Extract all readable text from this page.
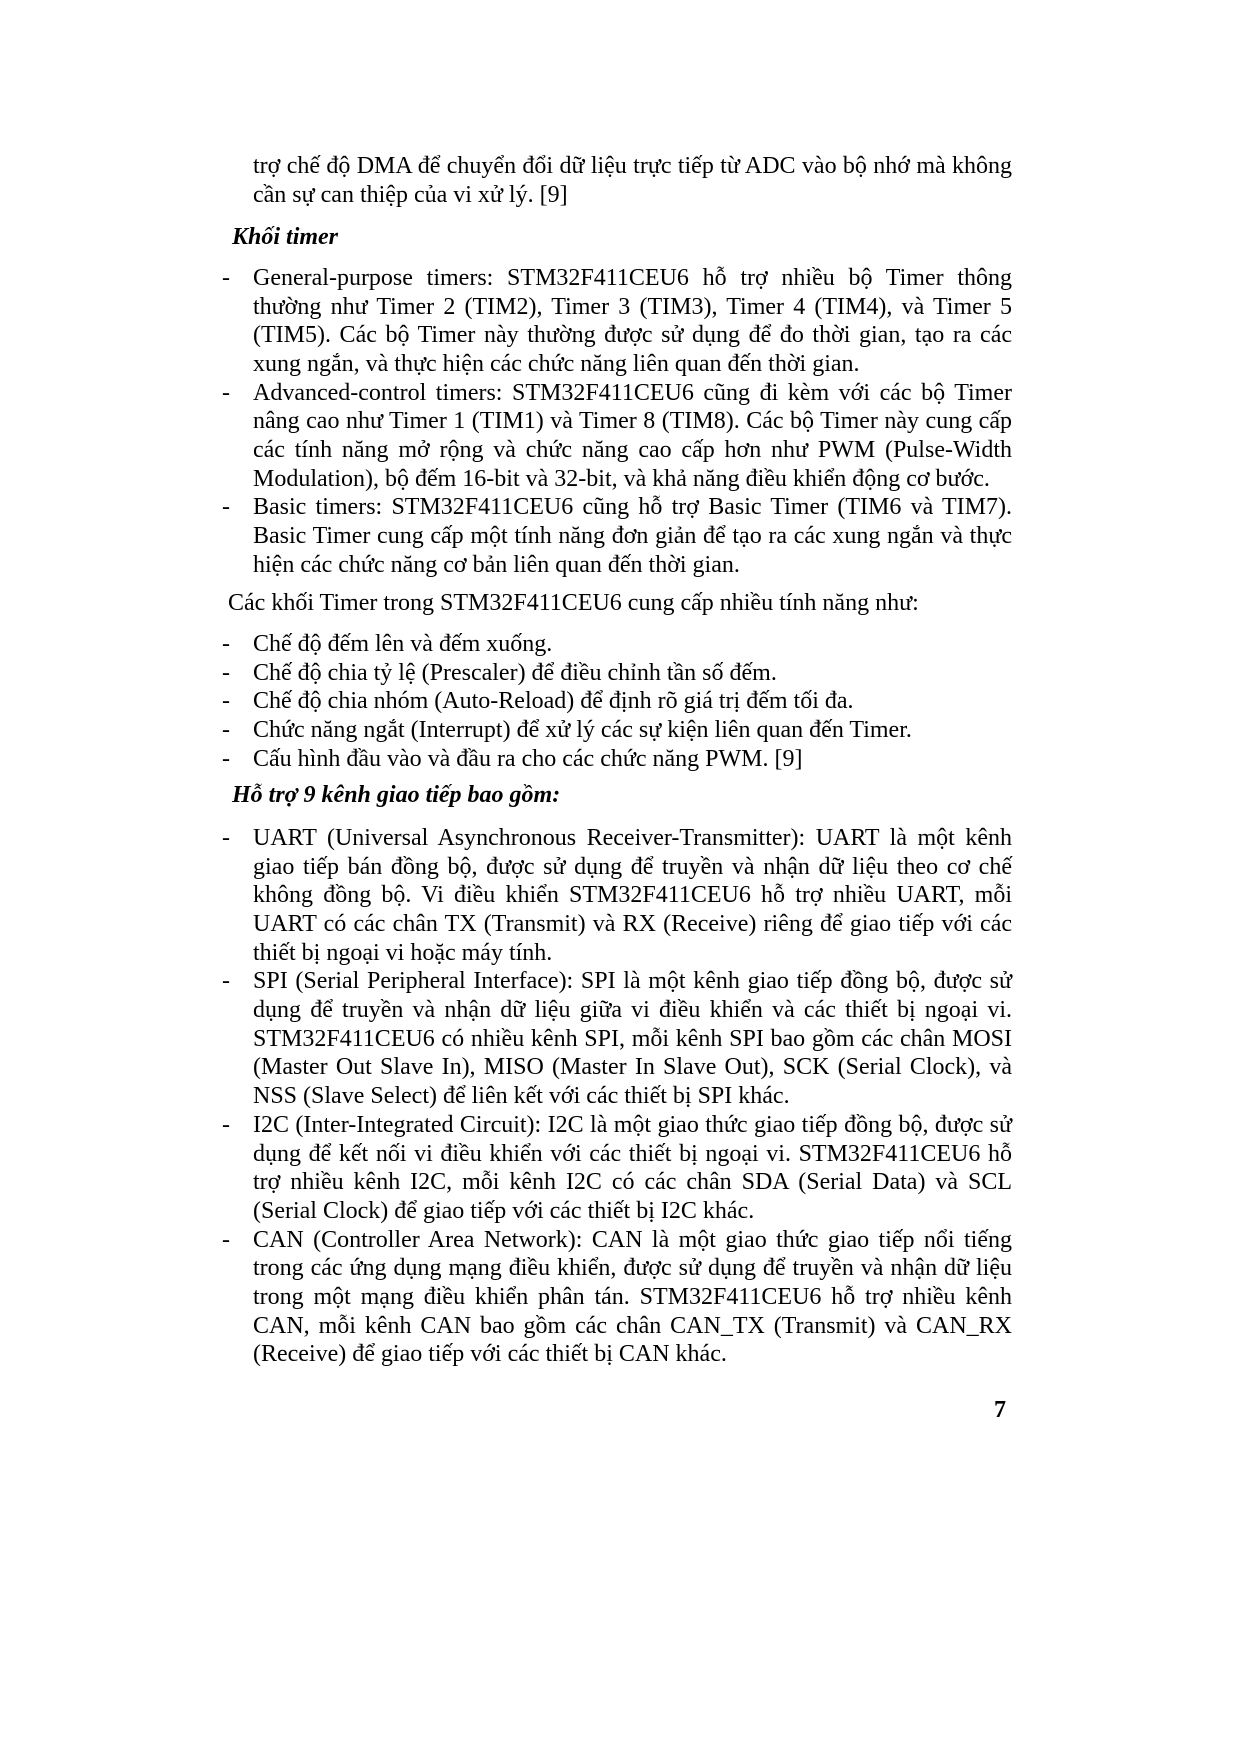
trợ chế độ DMA để chuyển đổi dữ liệu trực tiếp từ ADC vào bộ nhớ mà không cần sự can thiệp của vi xử lý. [9]

Khối timer
- General-purpose timers: STM32F411CEU6 hỗ trợ nhiều bộ Timer thông thường như Timer 2 (TIM2), Timer 3 (TIM3), Timer 4 (TIM4), và Timer 5 (TIM5). Các bộ Timer này thường được sử dụng để đo thời gian, tạo ra các xung ngắn, và thực hiện các chức năng liên quan đến thời gian.
- Advanced-control timers: STM32F411CEU6 cũng đi kèm với các bộ Timer nâng cao như Timer 1 (TIM1) và Timer 8 (TIM8). Các bộ Timer này cung cấp các tính năng mở rộng và chức năng cao cấp hơn như PWM (Pulse-Width Modulation), bộ đếm 16-bit và 32-bit, và khả năng điều khiển động cơ bước.
- Basic timers: STM32F411CEU6 cũng hỗ trợ Basic Timer (TIM6 và TIM7). Basic Timer cung cấp một tính năng đơn giản để tạo ra các xung ngắn và thực hiện các chức năng cơ bản liên quan đến thời gian.

Các khối Timer trong STM32F411CEU6 cung cấp nhiều tính năng như:

- Chế độ đếm lên và đếm xuống.
- Chế độ chia tỷ lệ (Prescaler) để điều chỉnh tần số đếm.
- Chế độ chia nhóm (Auto-Reload) để định rõ giá trị đếm tối đa.
- Chức năng ngắt (Interrupt) để xử lý các sự kiện liên quan đến Timer.
- Cấu hình đầu vào và đầu ra cho các chức năng PWM. [9]
Hỗ trợ 9 kênh giao tiếp bao gồm:
- UART (Universal Asynchronous Receiver-Transmitter): UART là một kênh giao tiếp bán đồng bộ, được sử dụng để truyền và nhận dữ liệu theo cơ chế không đồng bộ. Vi điều khiển STM32F411CEU6 hỗ trợ nhiều UART, mỗi UART có các chân TX (Transmit) và RX (Receive) riêng để giao tiếp với các thiết bị ngoại vi hoặc máy tính.
- SPI (Serial Peripheral Interface): SPI là một kênh giao tiếp đồng bộ, được sử dụng để truyền và nhận dữ liệu giữa vi điều khiển và các thiết bị ngoại vi. STM32F411CEU6 có nhiều kênh SPI, mỗi kênh SPI bao gồm các chân MOSI (Master Out Slave In), MISO (Master In Slave Out), SCK (Serial Clock), và NSS (Slave Select) để liên kết với các thiết bị SPI khác.
- I2C (Inter-Integrated Circuit): I2C là một giao thức giao tiếp đồng bộ, được sử dụng để kết nối vi điều khiển với các thiết bị ngoại vi. STM32F411CEU6 hỗ trợ nhiều kênh I2C, mỗi kênh I2C có các chân SDA (Serial Data) và SCL (Serial Clock) để giao tiếp với các thiết bị I2C khác.
- CAN (Controller Area Network): CAN là một giao thức giao tiếp nổi tiếng trong các ứng dụng mạng điều khiển, được sử dụng để truyền và nhận dữ liệu trong một mạng điều khiển phân tán. STM32F411CEU6 hỗ trợ nhiều kênh CAN, mỗi kênh CAN bao gồm các chân CAN_TX (Transmit) và CAN_RX (Receive) để giao tiếp với các thiết bị CAN khác.
7
